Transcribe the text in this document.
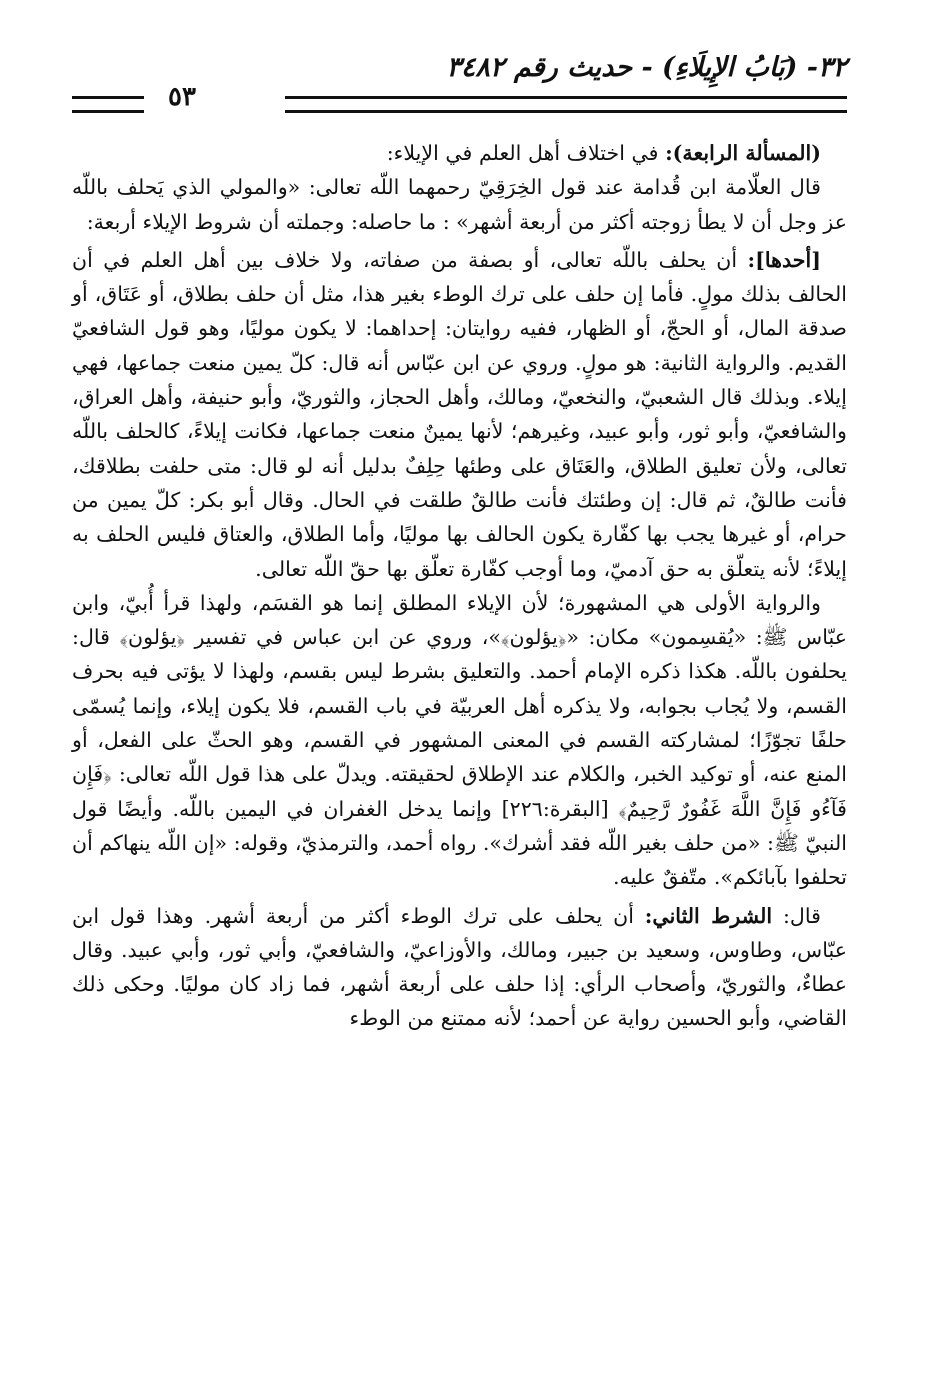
٣٢- (بَابُ الإِيلَاءِ) - حديث رقم ٣٤٨٢
٥٣

(المسألة الرابعة): في اختلاف أهل العلم في الإيلاء:

قال العلّامة ابن قُدامة عند قول الخِرَقِيّ رحمهما اللّه تعالى: «والمولي الذي يَحلف باللّه عز وجل أن لا يطأ زوجته أكثر من أربعة أشهر» : ما حاصله: وجملته أن شروط الإيلاء أربعة:

[أحدها]: أن يحلف باللّه تعالى، أو بصفة من صفاته، ولا خلاف بين أهل العلم في أن الحالف بذلك مولٍ. فأما إن حلف على ترك الوطء بغير هذا، مثل أن حلف بطلاق، أو عَتَاق، أو صدقة المال، أو الحجّ، أو الظهار، ففيه روايتان: إحداهما: لا يكون موليًا، وهو قول الشافعيّ القديم. والرواية الثانية: هو مولٍ. وروي عن ابن عبّاس أنه قال: كلّ يمين منعت جماعها، فهي إيلاء. وبذلك قال الشعبيّ، والنخعيّ، ومالك، وأهل الحجاز، والثوريّ، وأبو حنيفة، وأهل العراق، والشافعيّ، وأبو ثور، وأبو عبيد، وغيرهم؛ لأنها يمينٌ منعت جماعها، فكانت إيلاءً، كالحلف باللّه تعالى، ولأن تعليق الطلاق، والعَتَاق على وطئها حِلِفٌ بدليل أنه لو قال: متى حلفت بطلاقك، فأنت طالقٌ، ثم قال: إن وطئتك فأنت طالقٌ طلقت في الحال. وقال أبو بكر: كلّ يمين من حرام، أو غيرها يجب بها كفّارة يكون الحالف بها موليًا، وأما الطلاق، والعتاق فليس الحلف به إيلاءً؛ لأنه يتعلّق به حق آدميّ، وما أوجب كفّارة تعلّق بها حقّ اللّه تعالى.

والرواية الأولى هي المشهورة؛ لأن الإيلاء المطلق إنما هو القسَم، ولهذا قرأ أُبيّ، وابن عبّاس ﷺ: «يُقسِمون» مكان: «﴿يؤلون﴾»، وروي عن ابن عباس في تفسير ﴿يؤلون﴾ قال: يحلفون باللّه. هكذا ذكره الإمام أحمد. والتعليق بشرط ليس بقسم، ولهذا لا يؤتى فيه بحرف القسم، ولا يُجاب بجوابه، ولا يذكره أهل العربيّة في باب القسم، فلا يكون إيلاء، وإنما يُسمّى حلفًا تجوّزًا؛ لمشاركته القسم في المعنى المشهور في القسم، وهو الحثّ على الفعل، أو المنع عنه، أو توكيد الخبر، والكلام عند الإطلاق لحقيقته. ويدلّ على هذا قول اللّه تعالى: ﴿فَإِن فَآءُو فَإِنَّ اللَّهَ غَفُورٌ رَّحِيمٌ﴾ [البقرة:٢٢٦] وإنما يدخل الغفران في اليمين باللّه. وأيضًا قول النبيّ ﷺ: «من حلف بغير اللّه فقد أشرك». رواه أحمد، والترمذيّ، وقوله: «إن اللّه ينهاكم أن تحلفوا بآبائكم». متّفقٌ عليه.

قال: الشرط الثاني: أن يحلف على ترك الوطء أكثر من أربعة أشهر. وهذا قول ابن عبّاس، وطاوس، وسعيد بن جبير، ومالك، والأوزاعيّ، والشافعيّ، وأبي ثور، وأبي عبيد. وقال عطاءٌ، والثوريّ، وأصحاب الرأي: إذا حلف على أربعة أشهر، فما زاد كان موليًا. وحكى ذلك القاضي، وأبو الحسين رواية عن أحمد؛ لأنه ممتنع من الوطء
